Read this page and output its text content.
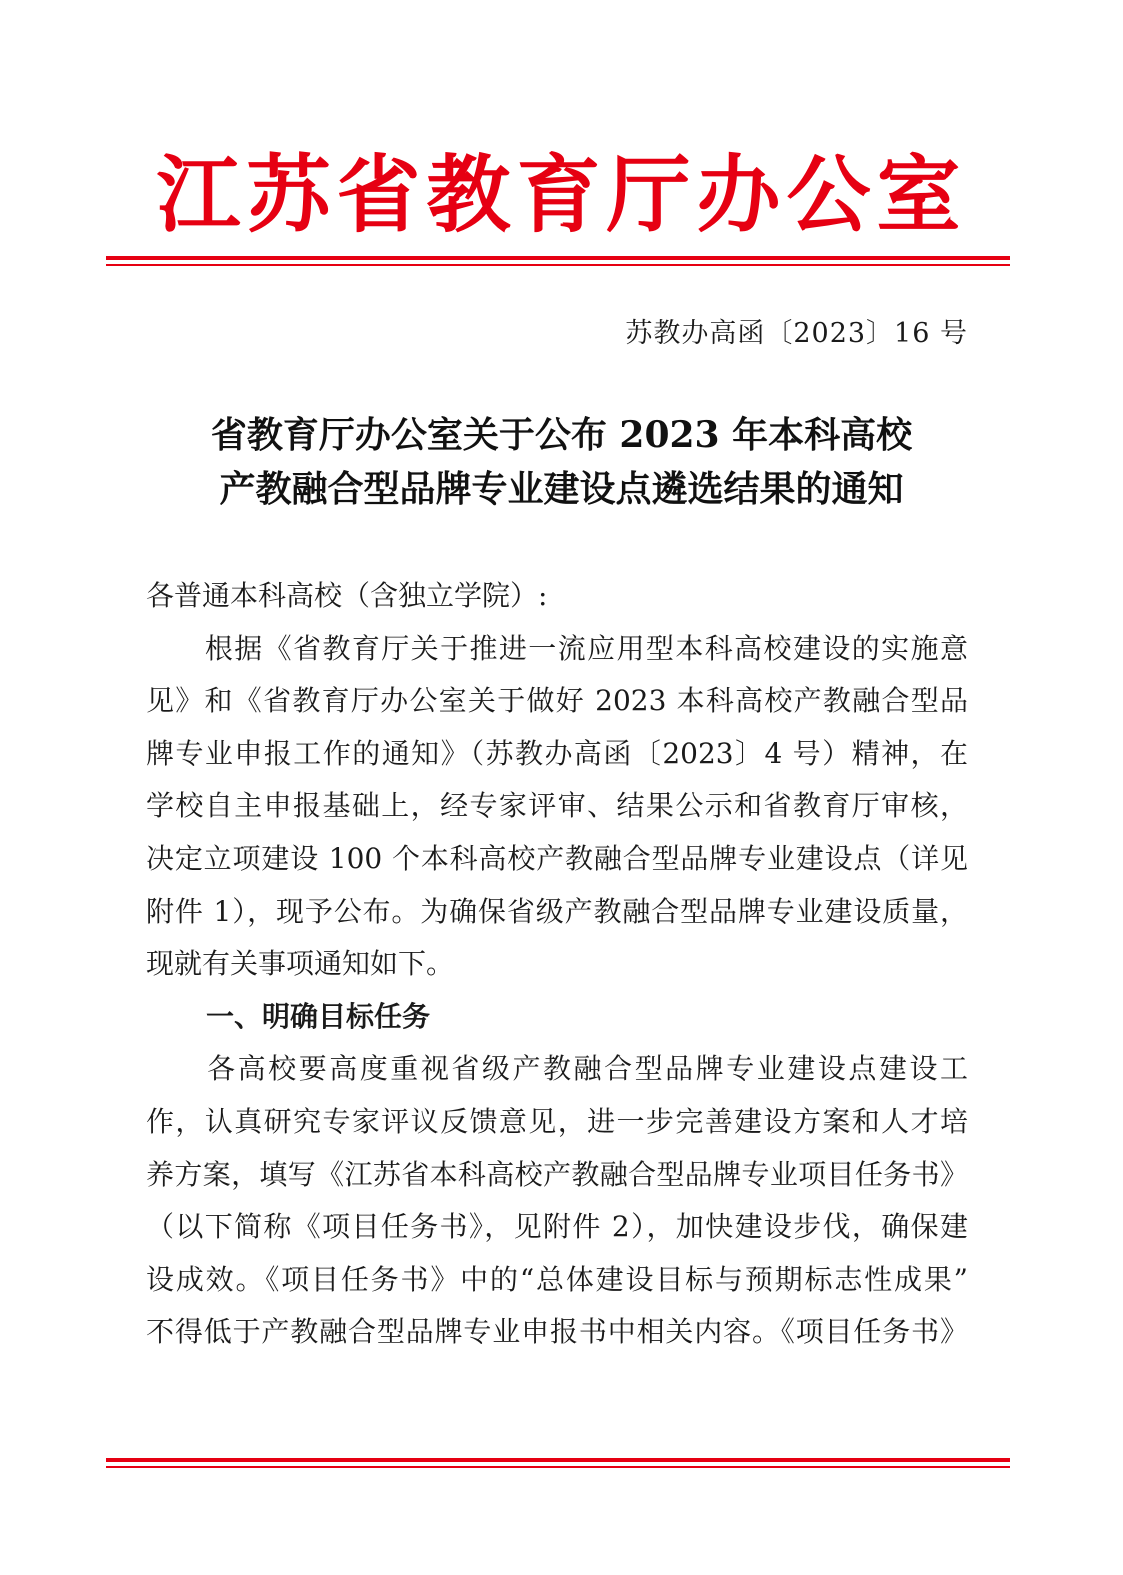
江苏省教育厅办公室
苏教办高函〔2023〕16 号
省教育厅办公室关于公布 2023 年本科高校
产教融合型品牌专业建设点遴选结果的通知
各普通本科高校（含独立学院）:
　　根据《省教育厅关于推进一流应用型本科高校建设的实施意
见》和《省教育厅办公室关于做好 2023 本科高校产教融合型品
牌专业申报工作的通知》（苏教办高函〔2023〕4 号）精神，在
学校自主申报基础上，经专家评审、结果公示和省教育厅审核，
决定立项建设 100 个本科高校产教融合型品牌专业建设点（详见
附件 1），现予公布。为确保省级产教融合型品牌专业建设质量，
现就有关事项通知如下。
一、明确目标任务
　　各高校要高度重视省级产教融合型品牌专业建设点建设工
作，认真研究专家评议反馈意见，进一步完善建设方案和人才培
养方案，填写《江苏省本科高校产教融合型品牌专业项目任务书》
（以下简称《项目任务书》，见附件 2），加快建设步伐，确保建
设成效。《项目任务书》中的“总体建设目标与预期标志性成果”
不得低于产教融合型品牌专业申报书中相关内容。《项目任务书》
